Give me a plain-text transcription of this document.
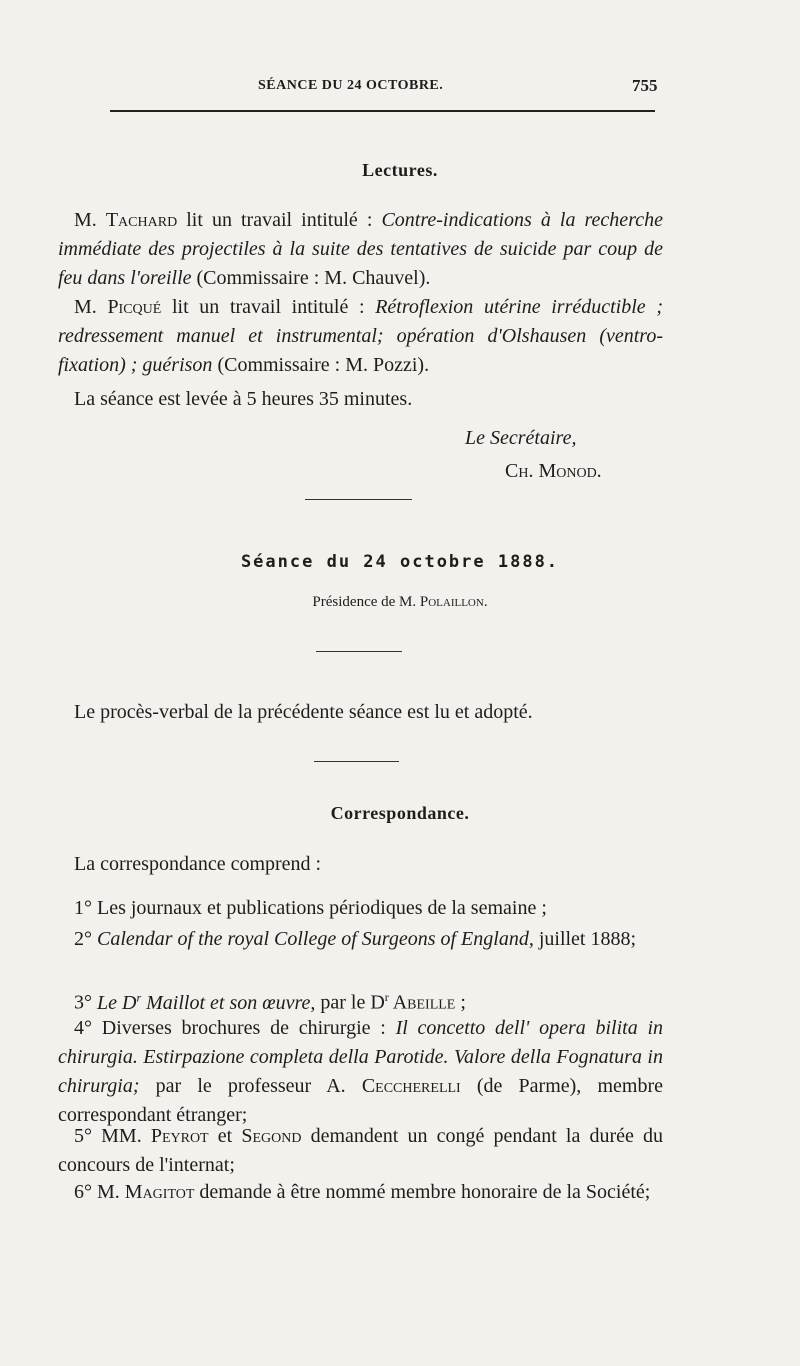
SÉANCE DU 24 OCTOBRE.	755
Lectures.
M. Tachard lit un travail intitulé : Contre-indications à la recherche immédiate des projectiles à la suite des tentatives de suicide par coup de feu dans l'oreille (Commissaire : M. Chauvel).
M. Picqué lit un travail intitulé : Rétroflexion utérine irréductible ; redressement manuel et instrumental; opération d'Olshausen (ventro-fixation) ; guérison (Commissaire : M. Pozzi).
La séance est levée à 5 heures 35 minutes.
Le Secrétaire,
Ch. Monod.
Séance du 24 octobre 1888.
Présidence de M. Polaillon.
Le procès-verbal de la précédente séance est lu et adopté.
Correspondance.
La correspondance comprend :
1° Les journaux et publications périodiques de la semaine ;
2° Calendar of the royal College of Surgeons of England, juillet 1888;
3° Le $D^r$ Maillot et son œuvre, par le $D^r$ Abeille ;
4° Diverses brochures de chirurgie : Il concetto dell' opera bilita in chirurgia. Estirpazione completa della Parotide. Valore della Fognatura in chirurgia; par le professeur A. Ceccherelli (de Parme), membre correspondant étranger;
5° MM. Peyrot et Segond demandent un congé pendant la durée du concours de l'internat;
6° M. Magitot demande à être nommé membre honoraire de la Société;
